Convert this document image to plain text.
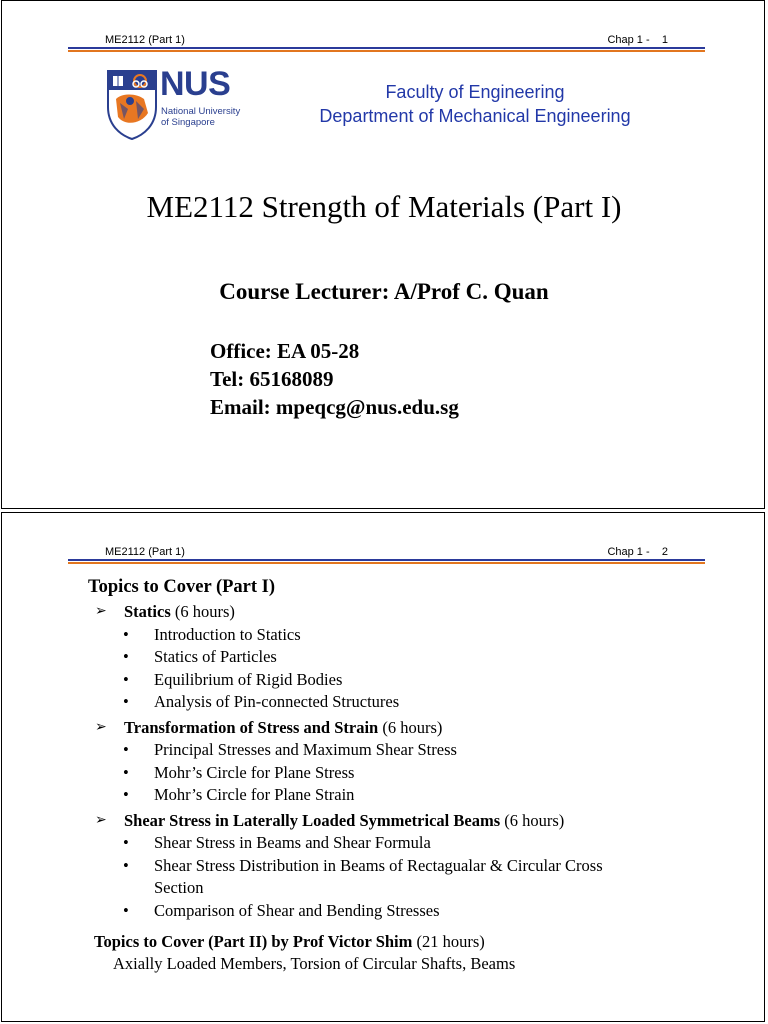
ME2112 (Part 1)	Chap 1 -    1
NUS
National University
of Singapore
Faculty of Engineering
Department of Mechanical Engineering
ME2112 Strength of Materials (Part I)
Course Lecturer: A/Prof C. Quan
Office: EA 05-28
Tel: 65168089
Email: mpeqcg@nus.edu.sg
ME2112 (Part 1)	Chap 1 -    2
Topics to Cover (Part I)
➢ Statics (6 hours)
• Introduction to Statics
• Statics of Particles
• Equilibrium of Rigid Bodies
• Analysis of Pin-connected Structures
➢ Transformation of Stress and Strain (6 hours)
• Principal Stresses and Maximum Shear Stress
• Mohr’s Circle for Plane Stress
• Mohr’s Circle for Plane Strain
➢ Shear Stress in Laterally Loaded Symmetrical Beams (6 hours)
• Shear Stress in Beams and Shear Formula
• Shear Stress Distribution in Beams of Rectagualar & Circular Cross Section
• Comparison of Shear and Bending Stresses
Topics to Cover (Part II) by Prof Victor Shim (21 hours)
Axially Loaded Members, Torsion of Circular Shafts, Beams
